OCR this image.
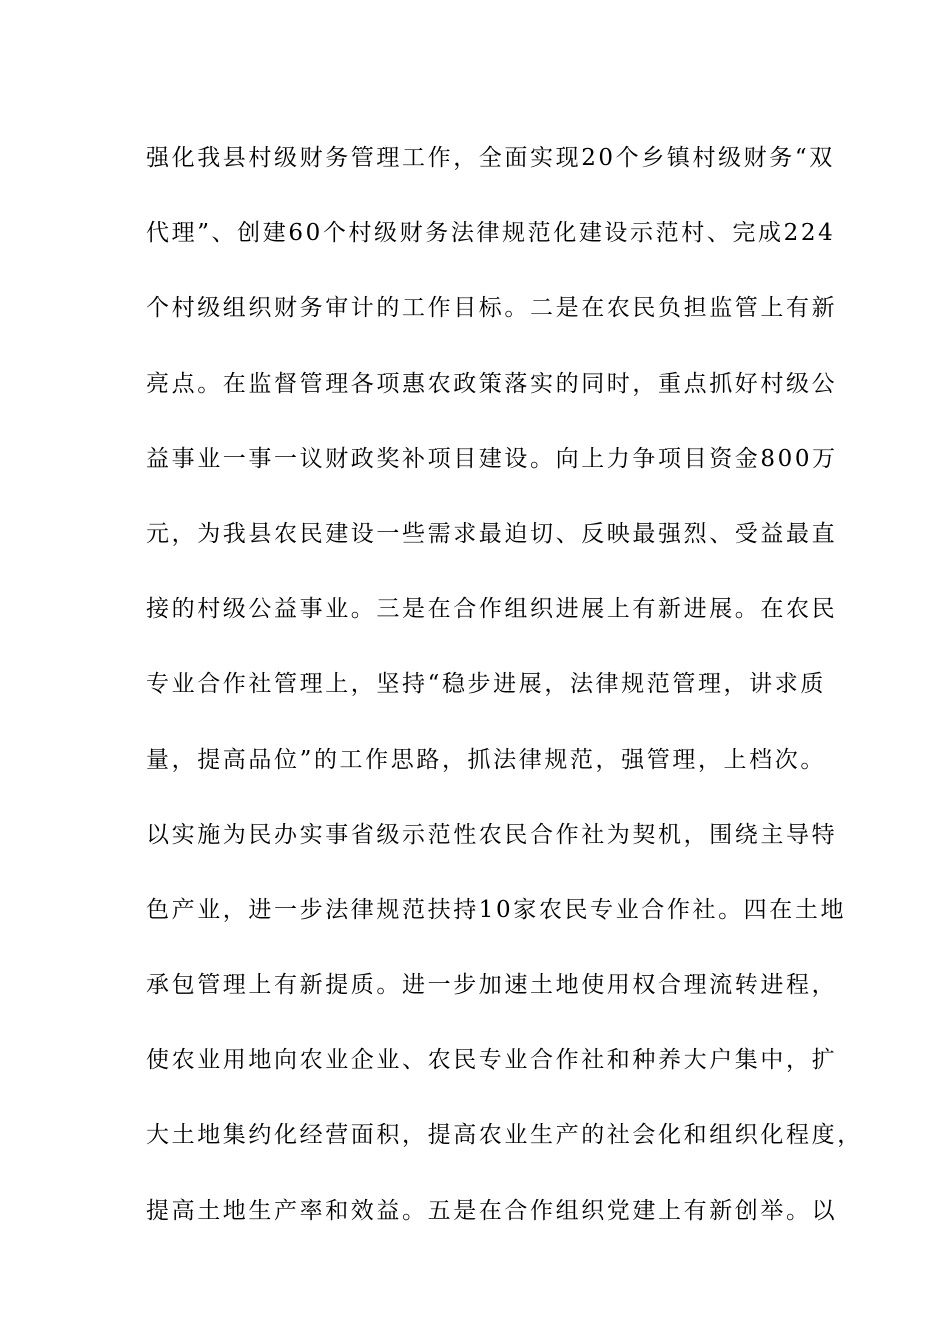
强化我县村级财务管理工作，全面实现20个乡镇村级财务“双
代理”、创建60个村级财务法律规范化建设示范村、完成224
个村级组织财务审计的工作目标。二是在农民负担监管上有新
亮点。在监督管理各项惠农政策落实的同时，重点抓好村级公
益事业一事一议财政奖补项目建设。向上力争项目资金800万
元，为我县农民建设一些需求最迫切、反映最强烈、受益最直
接的村级公益事业。三是在合作组织进展上有新进展。在农民
专业合作社管理上，坚持“稳步进展，法律规范管理，讲求质
量，提高品位”的工作思路，抓法律规范，强管理，上档次。
以实施为民办实事省级示范性农民合作社为契机，围绕主导特
色产业，进一步法律规范扶持10家农民专业合作社。四在土地
承包管理上有新提质。进一步加速土地使用权合理流转进程，
使农业用地向农业企业、农民专业合作社和种养大户集中，扩
大土地集约化经营面积，提高农业生产的社会化和组织化程度，
提高土地生产率和效益。五是在合作组织党建上有新创举。以
